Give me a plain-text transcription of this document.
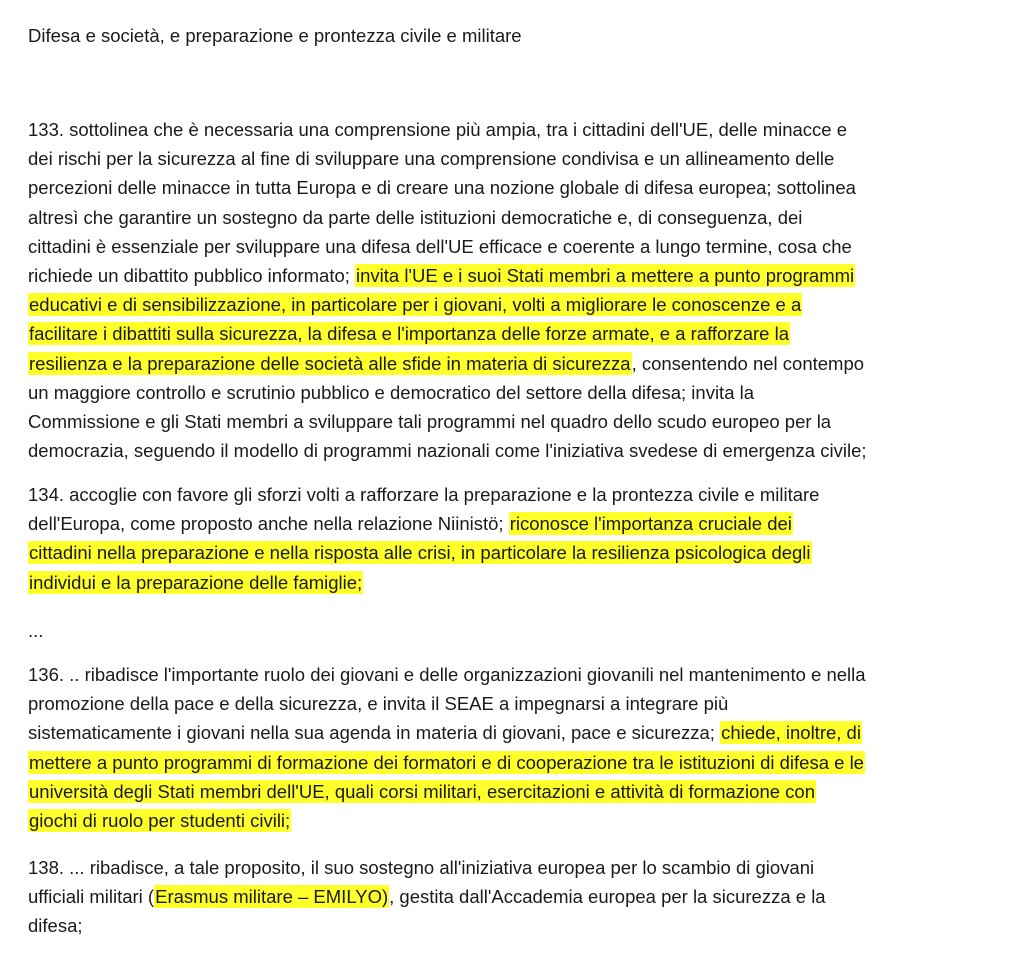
Difesa e società, e preparazione e prontezza civile e militare
133. sottolinea che è necessaria una comprensione più ampia, tra i cittadini dell'UE, delle minacce e
dei rischi per la sicurezza al fine di sviluppare una comprensione condivisa e un allineamento delle
percezioni delle minacce in tutta Europa e di creare una nozione globale di difesa europea; sottolinea
altresì che garantire un sostegno da parte delle istituzioni democratiche e, di conseguenza, dei
cittadini è essenziale per sviluppare una difesa dell'UE efficace e coerente a lungo termine, cosa che
richiede un dibattito pubblico informato; invita l'UE e i suoi Stati membri a mettere a punto programmi
educativi e di sensibilizzazione, in particolare per i giovani, volti a migliorare le conoscenze e a
facilitare i dibattiti sulla sicurezza, la difesa e l'importanza delle forze armate, e a rafforzare la
resilienza e la preparazione delle società alle sfide in materia di sicurezza, consentendo nel contempo
un maggiore controllo e scrutinio pubblico e democratico del settore della difesa; invita la
Commissione e gli Stati membri a sviluppare tali programmi nel quadro dello scudo europeo per la
democrazia, seguendo il modello di programmi nazionali come l'iniziativa svedese di emergenza civile;
134. accoglie con favore gli sforzi volti a rafforzare la preparazione e la prontezza civile e militare
dell'Europa, come proposto anche nella relazione Niinistö; riconosce l'importanza cruciale dei
cittadini nella preparazione e nella risposta alle crisi, in particolare la resilienza psicologica degli
individui e la preparazione delle famiglie;
...
136. .. ribadisce l'importante ruolo dei giovani e delle organizzazioni giovanili nel mantenimento e nella
promozione della pace e della sicurezza, e invita il SEAE a impegnarsi a integrare più
sistematicamente i giovani nella sua agenda in materia di giovani, pace e sicurezza; chiede, inoltre, di
mettere a punto programmi di formazione dei formatori e di cooperazione tra le istituzioni di difesa e le
università degli Stati membri dell'UE, quali corsi militari, esercitazioni e attività di formazione con
giochi di ruolo per studenti civili;
138. ... ribadisce, a tale proposito, il suo sostegno all'iniziativa europea per lo scambio di giovani
ufficiali militari (Erasmus militare – EMILYO), gestita dall'Accademia europea per la sicurezza e la
difesa;
